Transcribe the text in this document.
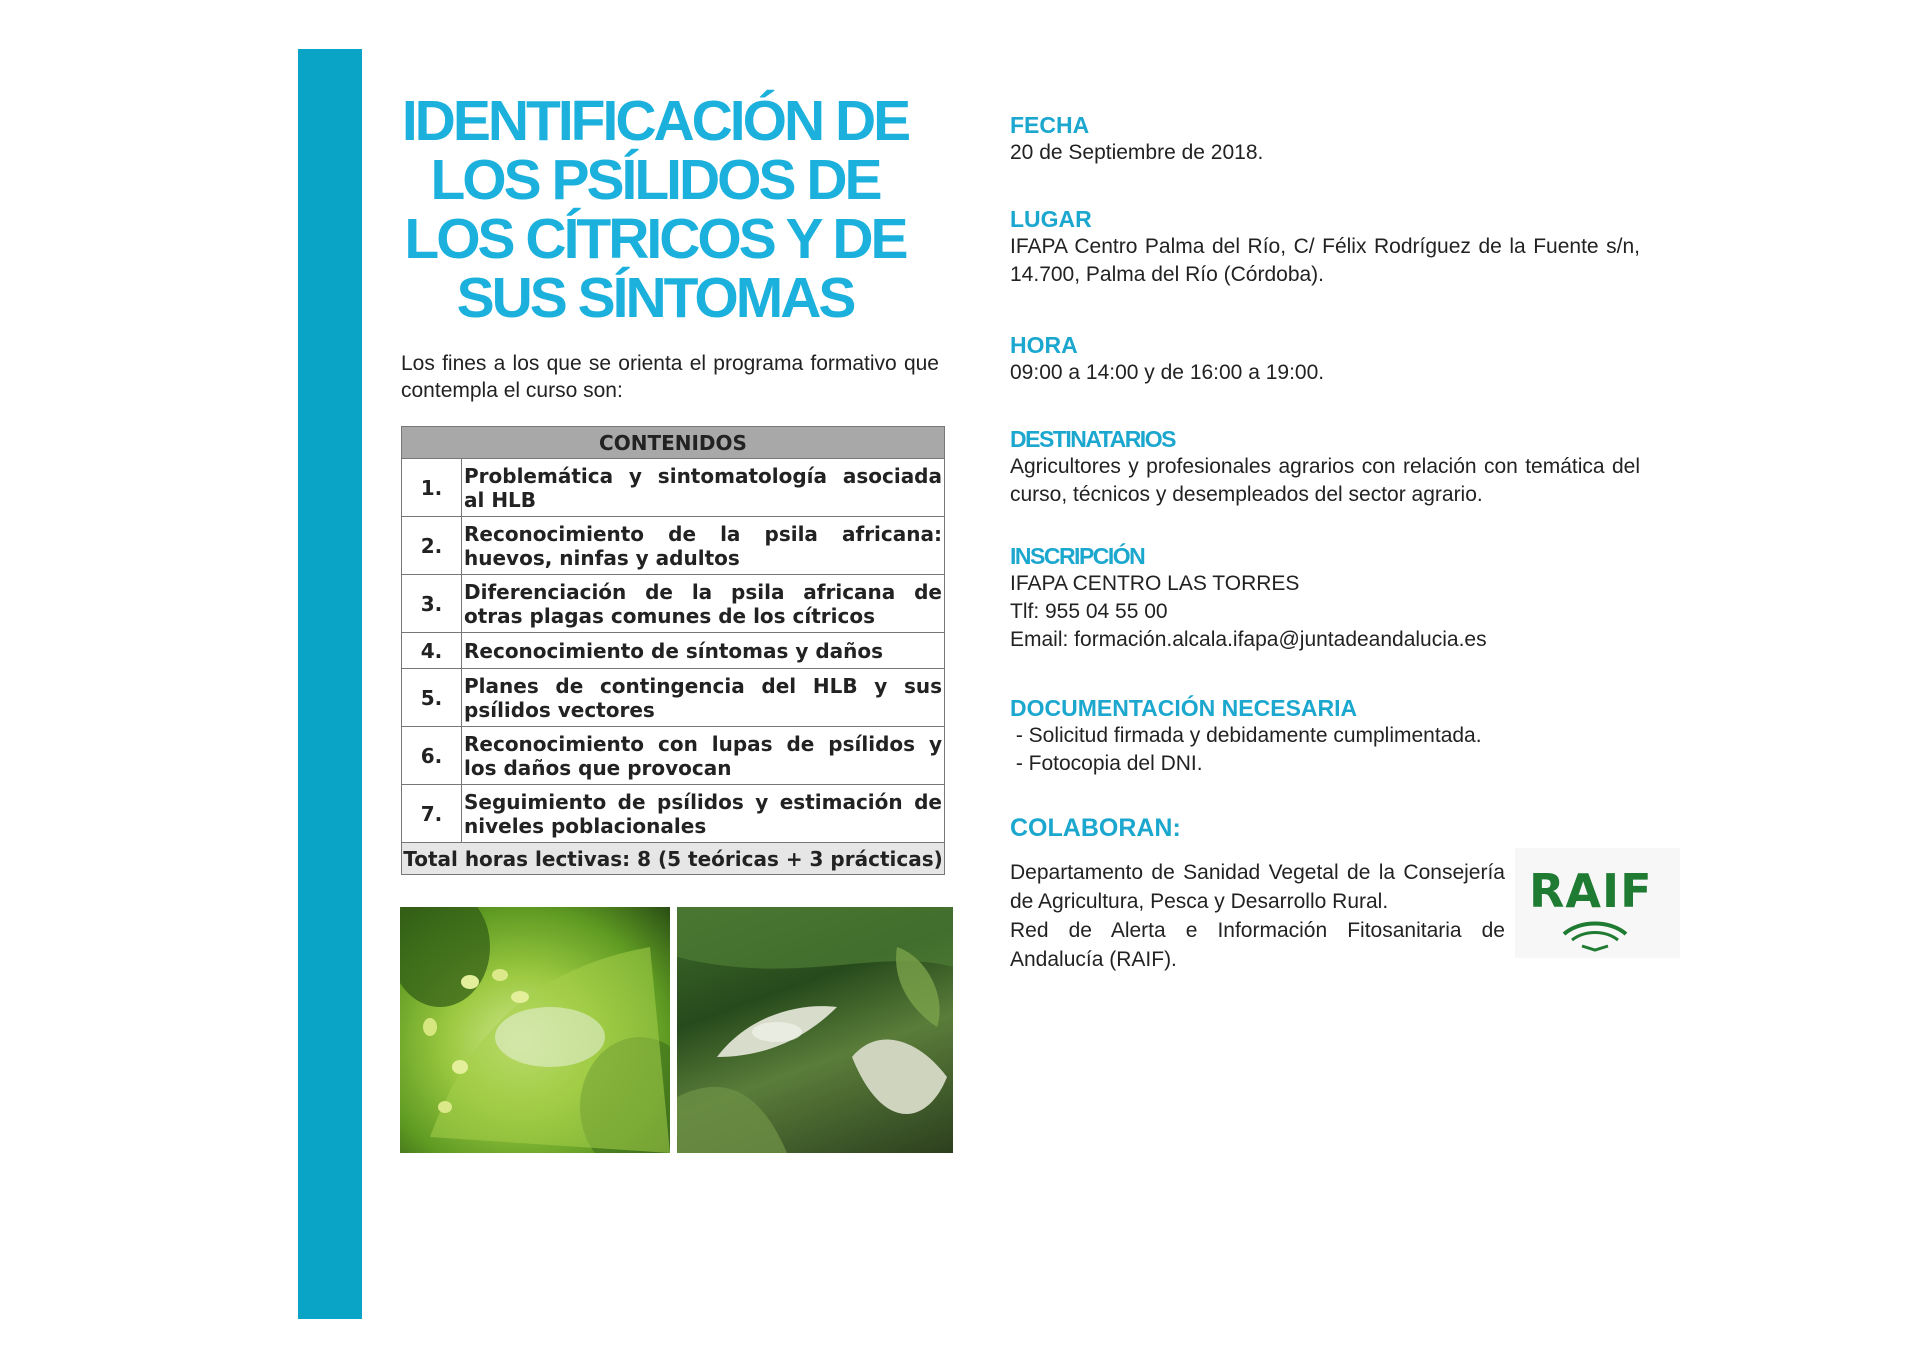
IDENTIFICACIÓN DE
LOS PSÍLIDOS DE
LOS CÍTRICOS Y DE
SUS SÍNTOMAS

Los fines a los que se orienta el programa formativo que contempla el curso son:

CONTENIDOS	
1.	Problemática y sintomatología asociada al HLB
2.	Reconocimiento de la psila africana: huevos, ninfas y adultos
3.	Diferenciación de la psila africana de otras plagas comunes de los cítricos
4.	Reconocimiento de síntomas y daños
5.	Planes de contingencia del HLB y sus psílidos vectores
6.	Reconocimiento con lupas de psílidos y los daños que provocan
7.	Seguimiento de psílidos y estimación de niveles poblacionales
Total horas lectivas: 8 (5 teóricas + 3 prácticas)	
FECHA

20 de Septiembre de 2018.

LUGAR

IFAPA Centro Palma del Río, C/ Félix Rodríguez de la Fuente s/n, 14.700, Palma del Río (Córdoba).

HORA

09:00 a 14:00 y de 16:00 a 19:00.

DESTINATARIOS

Agricultores y profesionales agrarios con relación con temática del curso, técnicos y desempleados del sector agrario.

INSCRIPCIÓN

IFAPA CENTRO LAS TORRES

Tlf: 955 04 55 00

Email: formación.alcala.ifapa@juntadeandalucia.es

DOCUMENTACIÓN NECESARIA

- Solicitud firmada y debidamente cumplimentada.

- Fotocopia del DNI.

COLABORAN:

Departamento de Sanidad Vegetal de la Consejería de Agricultura, Pesca y Desarrollo Rural.

Red de Alerta e Información Fitosanitaria de Andalucía (RAIF).

RAIF
